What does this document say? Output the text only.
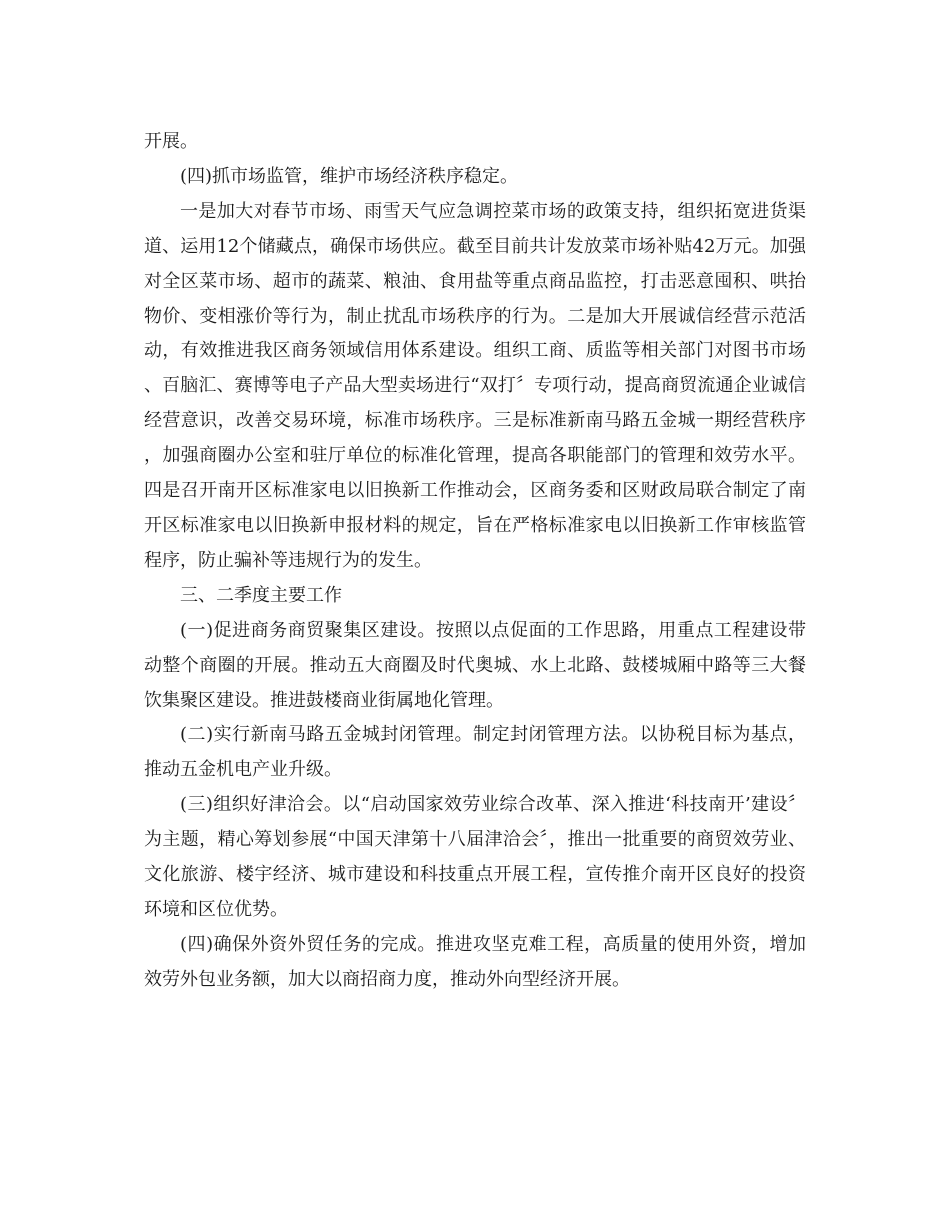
开展。

(四)抓市场监管，维护市场经济秩序稳定。

一是加大对春节市场、雨雪天气应急调控菜市场的政策支持，组织拓宽进货渠道、运用12个储藏点，确保市场供应。截至目前共计发放菜市场补贴42万元。加强对全区菜市场、超市的蔬菜、粮油、食用盐等重点商品监控，打击恶意囤积、哄抬物价、变相涨价等行为，制止扰乱市场秩序的行为。二是加大开展诚信经营示范活动，有效推进我区商务领域信用体系建设。组织工商、质监等相关部门对图书市场、百脑汇、赛博等电子产品大型卖场进行“双打〞专项行动，提高商贸流通企业诚信经营意识，改善交易环境，标准市场秩序。三是标准新南马路五金城一期经营秩序，加强商圈办公室和驻厅单位的标准化管理，提高各职能部门的管理和效劳水平。四是召开南开区标准家电以旧换新工作推动会，区商务委和区财政局联合制定了南开区标准家电以旧换新申报材料的规定，旨在严格标准家电以旧换新工作审核监管程序，防止骗补等违规行为的发生。

三、二季度主要工作

(一)促进商务商贸聚集区建设。按照以点促面的工作思路，用重点工程建设带动整个商圈的开展。推动五大商圈及时代奥城、水上北路、鼓楼城厢中路等三大餐饮集聚区建设。推进鼓楼商业街属地化管理。

(二)实行新南马路五金城封闭管理。制定封闭管理方法。以协税目标为基点，推动五金机电产业升级。

(三)组织好津洽会。以“启动国家效劳业综合改革、深入推进‘科技南开’建设〞为主题，精心筹划参展“中国天津第十八届津洽会〞，推出一批重要的商贸效劳业、文化旅游、楼宇经济、城市建设和科技重点开展工程，宣传推介南开区良好的投资环境和区位优势。

(四)确保外资外贸任务的完成。推进攻坚克难工程，高质量的使用外资，增加效劳外包业务额，加大以商招商力度，推动外向型经济开展。
